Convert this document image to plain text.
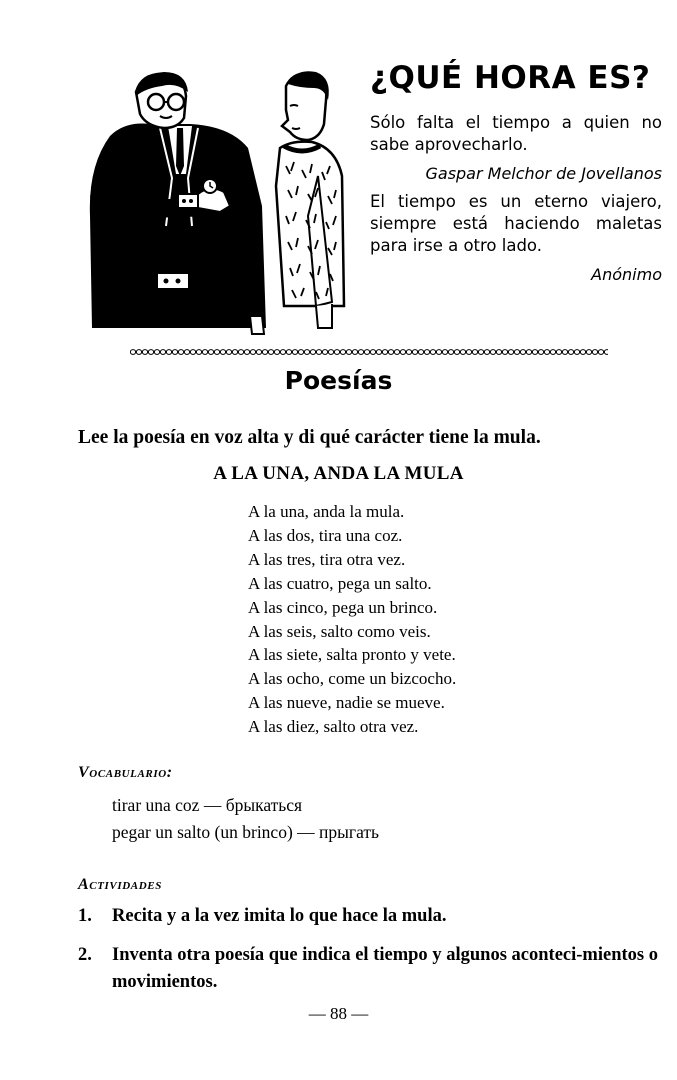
¿QUÉ HORA ES?

Sólo falta el tiempo a quien no sabe aprovecharlo.

Gaspar Melchor de Jovellanos

El tiempo es un eterno viajero, siempre está haciendo maletas para irse a otro lado.

Anónimo

Poesías

Lee la poesía en voz alta y di qué carácter tiene la mula.

A LA UNA, ANDA LA MULA
A la una, anda la mula.
A las dos, tira una coz.
A las tres, tira otra vez.
A las cuatro, pega un salto.
A las cinco, pega un brinco.
A las seis, salto como veis.
A las siete, salta pronto y vete.
A las ocho, come un bizcocho.
A las nueve, nadie se mueve.
A las diez, salto otra vez.

Vocabulario:

tirar una coz — брыкаться
pegar un salto (un brinco) — прыгать

Actividades

1.	Recita y a la vez imita lo que hace la mula.
2.	Inventa otra poesía que indica el tiempo y algunos aconteci-mientos o movimientos.

— 88 —
